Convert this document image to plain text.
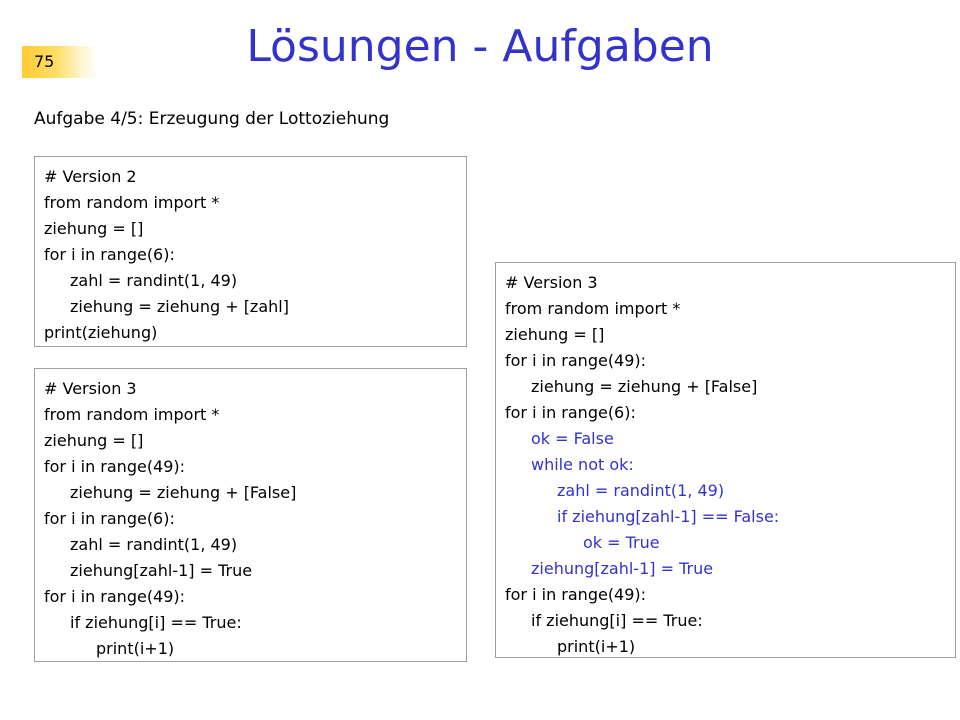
75	Lösungen - Aufgaben
Aufgabe 4/5: Erzeugung der Lottoziehung
# Version 2
from random import *
ziehung = []
for i in range(6):
zahl = randint(1, 49)
ziehung = ziehung + [zahl]
print(ziehung)
# Version 3
from random import *
ziehung = []
for i in range(49):
ziehung = ziehung + [False]
for i in range(6):
zahl = randint(1, 49)
ziehung[zahl-1] = True
for i in range(49):
if ziehung[i] == True:
print(i+1)
# Version 3
from random import *
ziehung = []
for i in range(49):
ziehung = ziehung + [False]
for i in range(6):
ok = False
while not ok:
zahl = randint(1, 49)
if ziehung[zahl-1] == False:
ok = True
ziehung[zahl-1] = True
for i in range(49):
if ziehung[i] == True:
print(i+1)
